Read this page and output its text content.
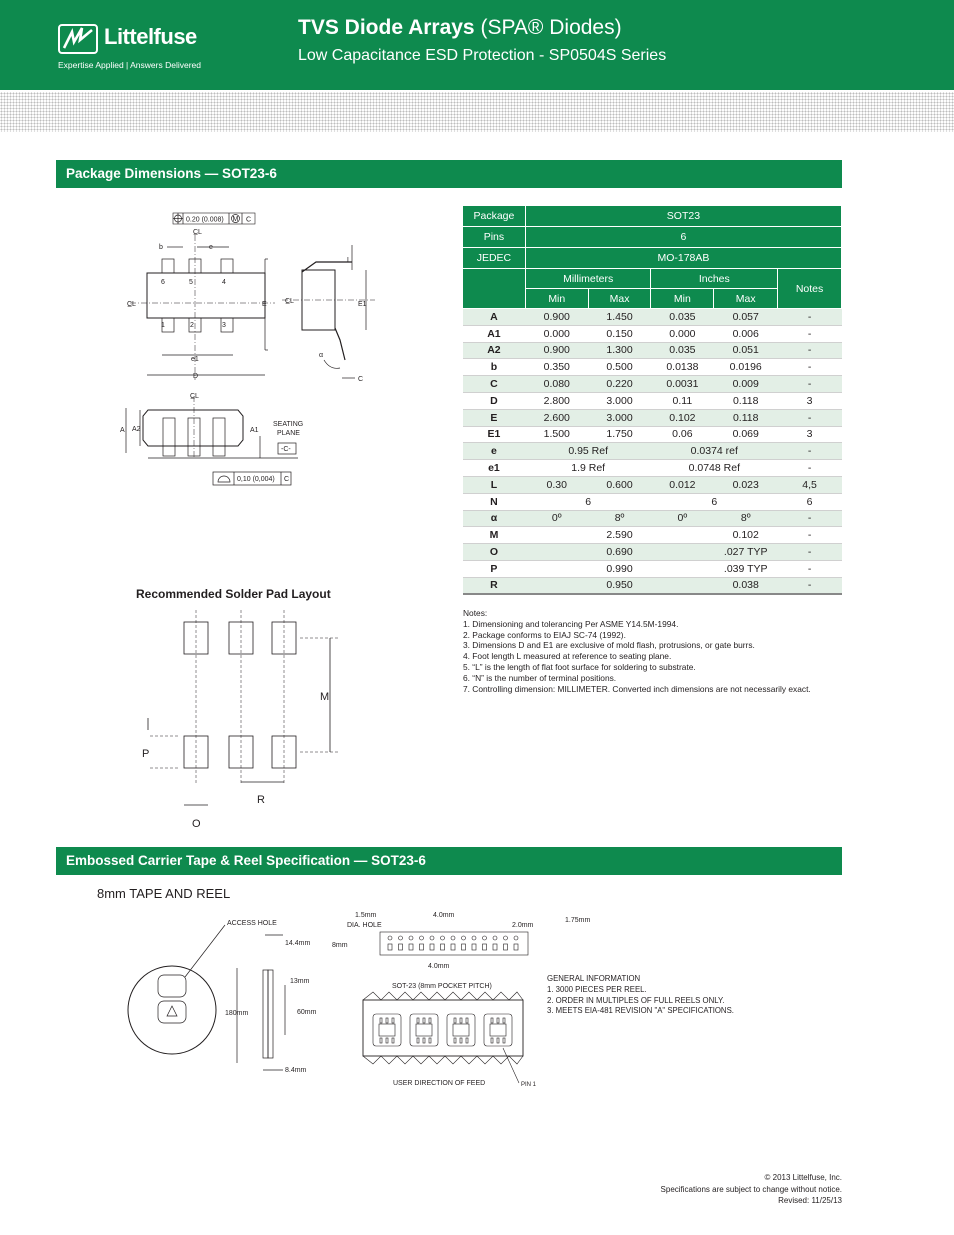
Littelfuse
Expertise Applied | Answers Delivered
TVS Diode Arrays (SPA® Diodes)
Low Capacitance ESD Protection - SP0504S Series
Package Dimensions — SOT23-6
0.20 (0.008) M C
C̲L
b	e
6	5	4
1	2	3
C̲L	E
e1
D
L
C̲L	E1
α
C
C̲L
A A2	A1
SEATING
PLANE
-C-
0,10 (0,004) C
Package	SOT23				
Pins	6				
JEDEC	MO-178AB				
	Millimeters		Inches		Notes
	Min	Max	Min	Max	
A	0.900	1.450	0.035	0.057	-
A1	0.000	0.150	0.000	0.006	-
A2	0.900	1.300	0.035	0.051	-
b	0.350	0.500	0.0138	0.0196	-
C	0.080	0.220	0.0031	0.009	-
D	2.800	3.000	0.11	0.118	3
E	2.600	3.000	0.102	0.118	-
E1	1.500	1.750	0.06	0.069	3
e	0.95 Ref		0.0374 ref		-
e1	1.9 Ref		0.0748 Ref		-
L	0.30	0.600	0.012	0.023	4,5
N	6		6		6
α	0º	8º	0º	8º	-
M		2.590		0.102	-
O		0.690		.027 TYP	-
P		0.990		.039 TYP	-
R		0.950		0.038	-
Notes:
1. Dimensioning and tolerancing Per ASME Y14.5M-1994.
2. Package conforms to EIAJ SC-74 (1992).
3. Dimensions D and E1 are exclusive of mold flash, protrusions, or gate burrs.
4. Foot length L measured at reference to seating plane.
5. “L” is the length of flat foot surface for soldering to substrate.
6. “N” is the number of terminal positions.
7. Controlling dimension: MILLIMETER. Converted inch dimensions are not necessarily exact.
Recommended Solder Pad Layout
M
P
R
O
Embossed Carrier Tape & Reel Specification — SOT23-6
8mm TAPE AND REEL
ACCESS HOLE
14.4mm
13mm
60mm
180mm
8.4mm
1.5mm
DIA. HOLE
4.0mm
2.0mm
1.75mm
8mm
4.0mm
SOT-23 (8mm POCKET PITCH)
USER DIRECTION OF FEED	PIN 1
GENERAL INFORMATION
1. 3000 PIECES PER REEL.
2. ORDER IN MULTIPLES OF FULL REELS ONLY.
3. MEETS EIA-481 REVISION "A" SPECIFICATIONS.
© 2013 Littelfuse, Inc.
Specifications are subject to change without notice.
Revised: 11/25/13
